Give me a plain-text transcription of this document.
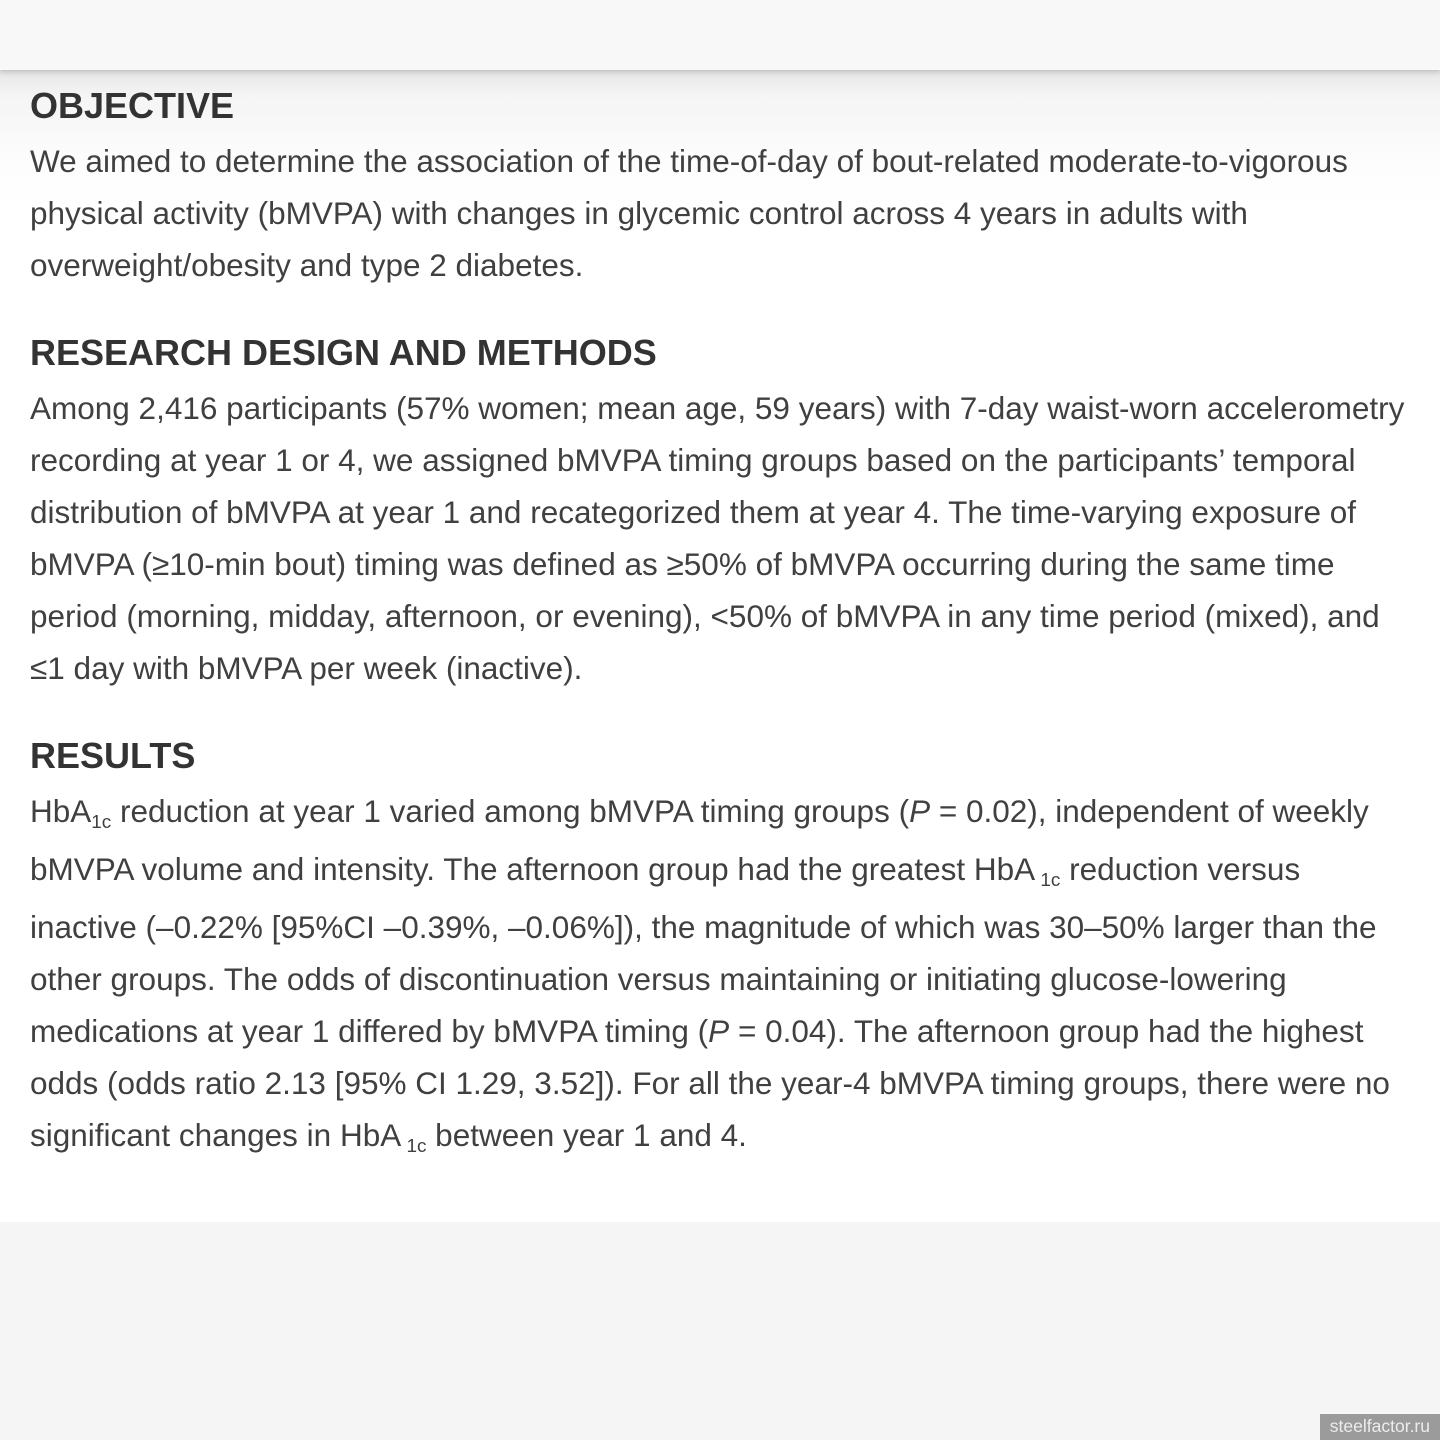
OBJECTIVE

We aimed to determine the association of the time-of-day of bout-related moderate-to-vigorous physical activity (bMVPA) with changes in glycemic control across 4 years in adults with overweight/obesity and type 2 diabetes.

RESEARCH DESIGN AND METHODS

Among 2,416 participants (57% women; mean age, 59 years) with 7-day waist-worn accelerometry recording at year 1 or 4, we assigned bMVPA timing groups based on the participants’ temporal distribution of bMVPA at year 1 and recategorized them at year 4. The time-varying exposure of bMVPA (≥10-min bout) timing was defined as ≥50% of bMVPA occurring during the same time period (morning, midday, afternoon, or evening), <50% of bMVPA in any time period (mixed), and ≤1 day with bMVPA per week (inactive).

RESULTS

HbA1c reduction at year 1 varied among bMVPA timing groups (P = 0.02), independent of weekly bMVPA volume and intensity. The afternoon group had the greatest HbA 1c reduction versus inactive (–0.22% [95%CI –0.39%, –0.06%]), the magnitude of which was 30–50% larger than the other groups. The odds of discontinuation versus maintaining or initiating glucose-lowering medications at year 1 differed by bMVPA timing (P = 0.04). The afternoon group had the highest odds (odds ratio 2.13 [95% CI 1.29, 3.52]). For all the year-4 bMVPA timing groups, there were no significant changes in HbA 1c between year 1 and 4.

steelfactor.ru
